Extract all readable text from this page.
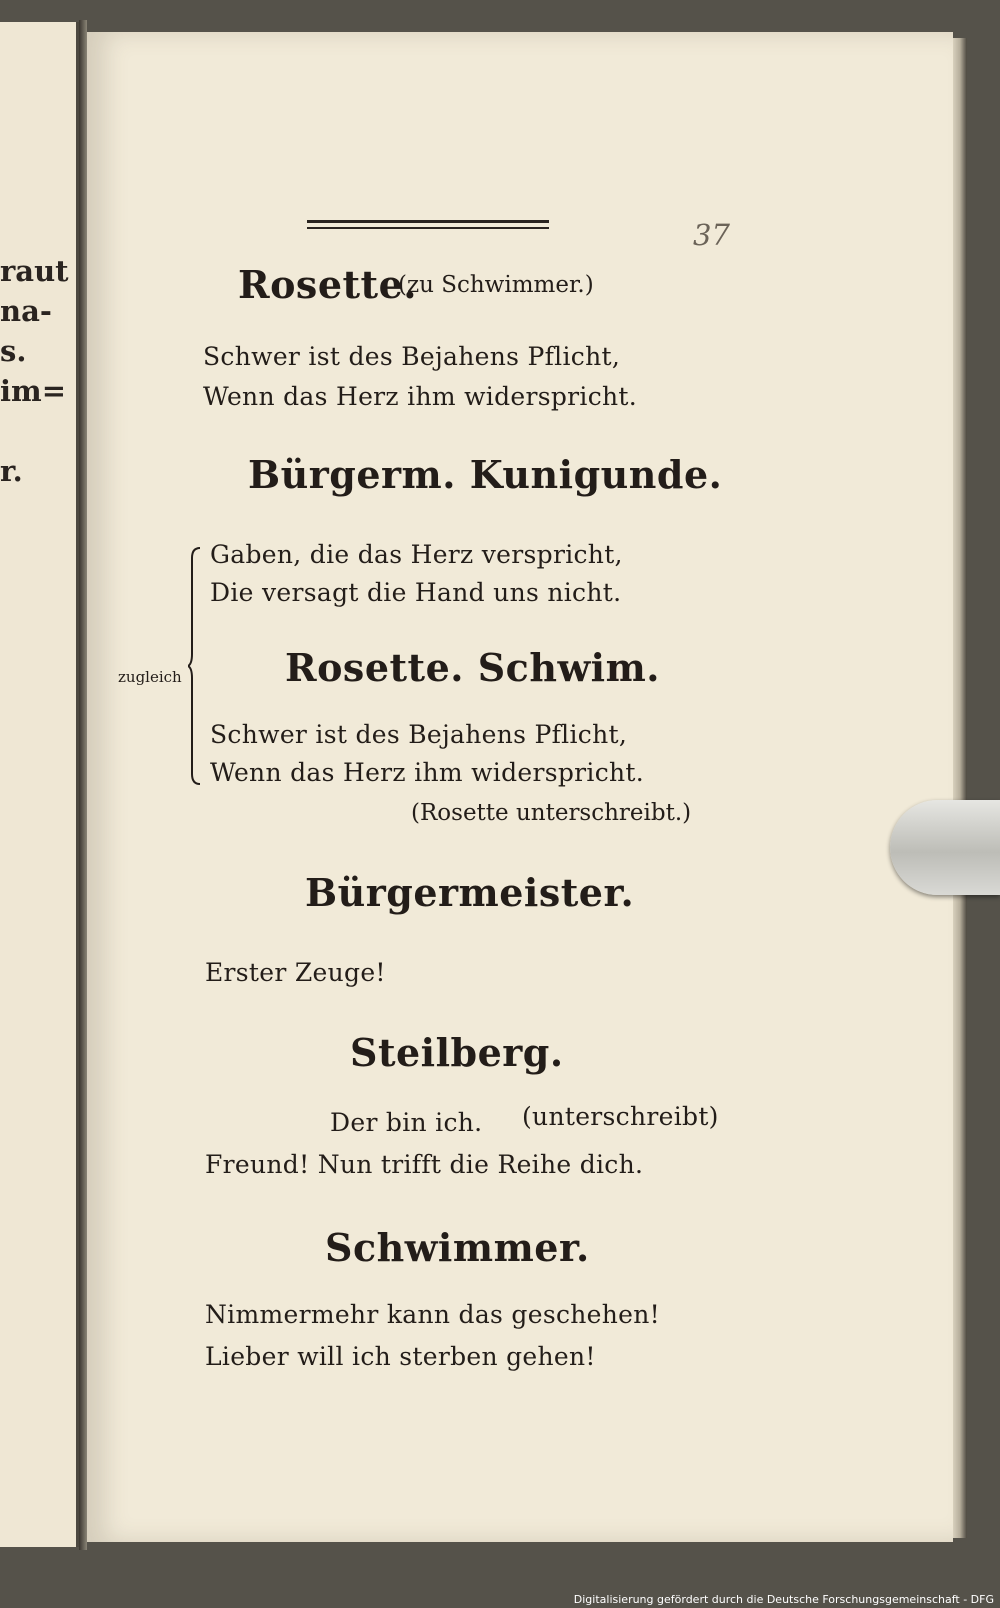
raut
na-
s.
im=
r.
37
Rosette.
(zu Schwimmer.)
Schwer ist des Bejahens Pflicht,
Wenn das Herz ihm widerspricht.
Bürgerm. Kunigunde.
Gaben, die das Herz verspricht,
Die versagt die Hand uns nicht.
zugleich	Rosette. Schwim.
Schwer ist des Bejahens Pflicht,
Wenn das Herz ihm widerspricht.
(Rosette unterschreibt.)
Bürgermeister.
Erster Zeuge!
Steilberg.
Der bin ich. (unterschreibt)
Freund! Nun trifft die Reihe dich.
Schwimmer.
Nimmermehr kann das geschehen!
Lieber will ich sterben gehen!
Digitalisierung gefördert durch die Deutsche Forschungsgemeinschaft - DFG
